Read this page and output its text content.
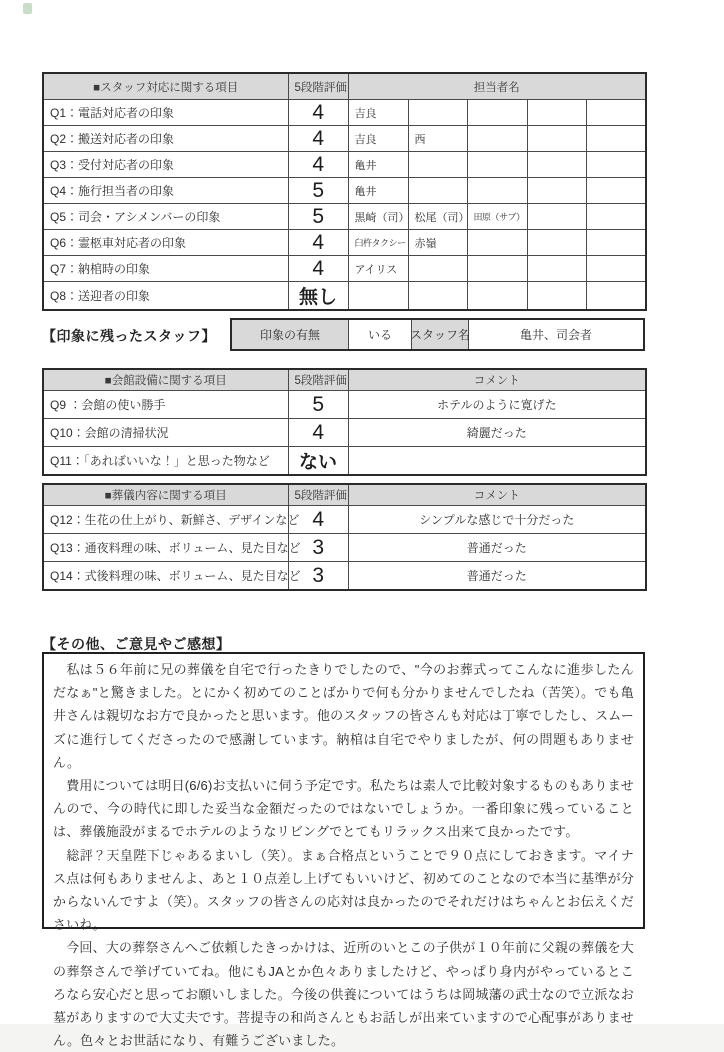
■スタッフ対応に関する項目	5段階評価	担当者名				
Q1：電話対応者の印象	4	吉良				
Q2：搬送対応者の印象	4	吉良	西			
Q3：受付対応者の印象	4	亀井				
Q4：施行担当者の印象	5	亀井				
Q5：司会・アシメンバーの印象	5	黒崎（司）	松尾（司）	田原（サブ）		
Q6：霊柩車対応者の印象	4	臼杵タクシー	赤嶺			
Q7：納棺時の印象	4	アイリス				
Q8：送迎者の印象	無し					
【印象に残ったスタッフ】	印象の有無	いる	スタッフ名	亀井、司会者
■会館設備に関する項目	5段階評価	コメント
Q9 ：会館の使い勝手	5	ホテルのように寛げた
Q10：会館の清掃状況	4	綺麗だった
Q11：「あればいいな！」と思った物など	ない	
■葬儀内容に関する項目	5段階評価	コメント
Q12：生花の仕上がり、新鮮さ、デザインなど	4	シンプルな感じで十分だった
Q13：通夜料理の味、ボリューム、見た目など	3	普通だった
Q14：式後料理の味、ボリューム、見た目など	3	普通だった
【その他、ご意見やご感想】

　私は５６年前に兄の葬儀を自宅で行ったきりでしたので、"今のお葬式ってこんなに進歩したんだなぁ"と驚きました。とにかく初めてのことばかりで何も分かりませんでしたね（苦笑）。でも亀井さんは親切なお方で良かったと思います。他のスタッフの皆さんも対応は丁寧でしたし、スムーズに進行してくださったので感謝しています。納棺は自宅でやりましたが、何の問題もありません。

　費用については明日(6/6)お支払いに伺う予定です。私たちは素人で比較対象するものもありませんので、今の時代に即した妥当な金額だったのではないでしょうか。一番印象に残っていることは、葬儀施設がまるでホテルのようなリビングでとてもリラックス出来て良かったです。

　総評？天皇陛下じゃあるまいし（笑）。まぁ合格点ということで９０点にしておきます。マイナス点は何もありませんよ、あと１０点差し上げてもいいけど、初めてのことなので本当に基準が分からないんですよ（笑）。スタッフの皆さんの応対は良かったのでそれだけはちゃんとお伝えくださいね。

　今回、大の葬祭さんへご依頼したきっかけは、近所のいとこの子供が１０年前に父親の葬儀を大の葬祭さんで挙げていてね。他にもJAとか色々ありましたけど、やっぱり身内がやっているところなら安心だと思ってお願いしました。今後の供養についてはうちは岡城藩の武士なので立派なお墓がありますので大丈夫です。菩提寺の和尚さんともお話しが出来ていますので心配事がありません。色々とお世話になり、有難うございました。
